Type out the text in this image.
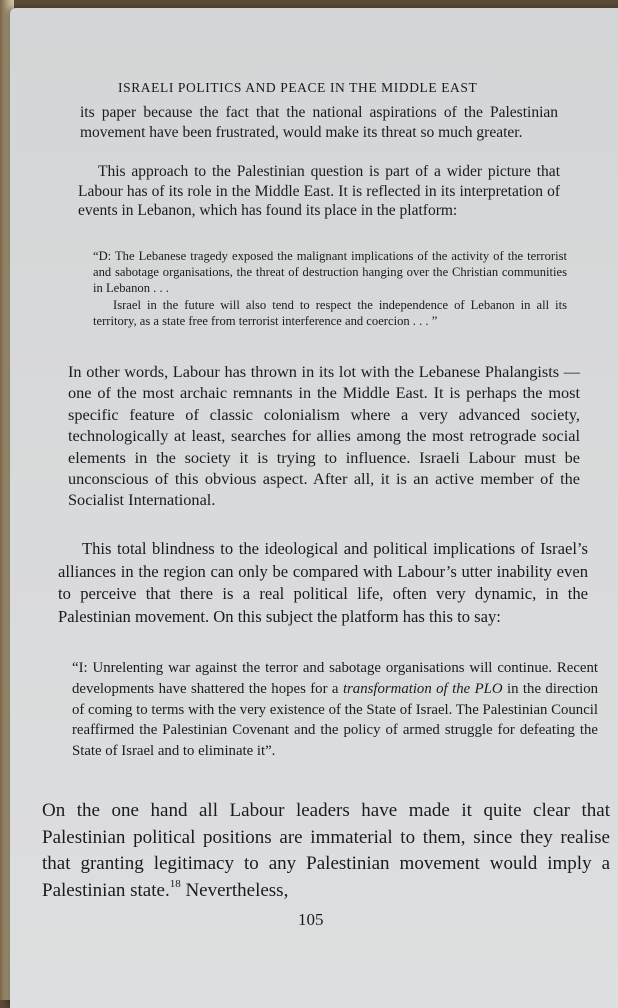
ISRAELI POLITICS AND PEACE IN THE MIDDLE EAST

its paper because the fact that the national aspirations of the Palestinian movement have been frustrated, would make its threat so much greater.

This approach to the Palestinian question is part of a wider picture that Labour has of its role in the Middle East. It is reflected in its interpretation of events in Lebanon, which has found its place in the platform:

“D: The Lebanese tragedy exposed the malignant implications of the activity of the terrorist and sabotage organisations, the threat of destruction hanging over the Christian communities in Lebanon . . .
Israel in the future will also tend to respect the independence of Lebanon in all its territory, as a state free from terrorist interference and coercion . . . ”

In other words, Labour has thrown in its lot with the Lebanese Phalangists — one of the most archaic remnants in the Middle East. It is perhaps the most specific feature of classic colonialism where a very advanced society, technologically at least, searches for allies among the most retrograde social elements in the society it is trying to influence. Israeli Labour must be unconscious of this obvious aspect. After all, it is an active member of the Socialist International.

This total blindness to the ideological and political implications of Israel’s alliances in the region can only be compared with Labour’s utter inability even to perceive that there is a real political life, often very dynamic, in the Palestinian movement. On this subject the platform has this to say:

“I: Unrelenting war against the terror and sabotage organisations will continue. Recent developments have shattered the hopes for a transformation of the PLO in the direction of coming to terms with the very existence of the State of Israel. The Palestinian Council reaffirmed the Palestinian Covenant and the policy of armed struggle for defeating the State of Israel and to eliminate it”.

On the one hand all Labour leaders have made it quite clear that Palestinian political positions are immaterial to them, since they realise that granting legitimacy to any Palestinian movement would imply a Palestinian state.$^{18}$ Nevertheless,

105
